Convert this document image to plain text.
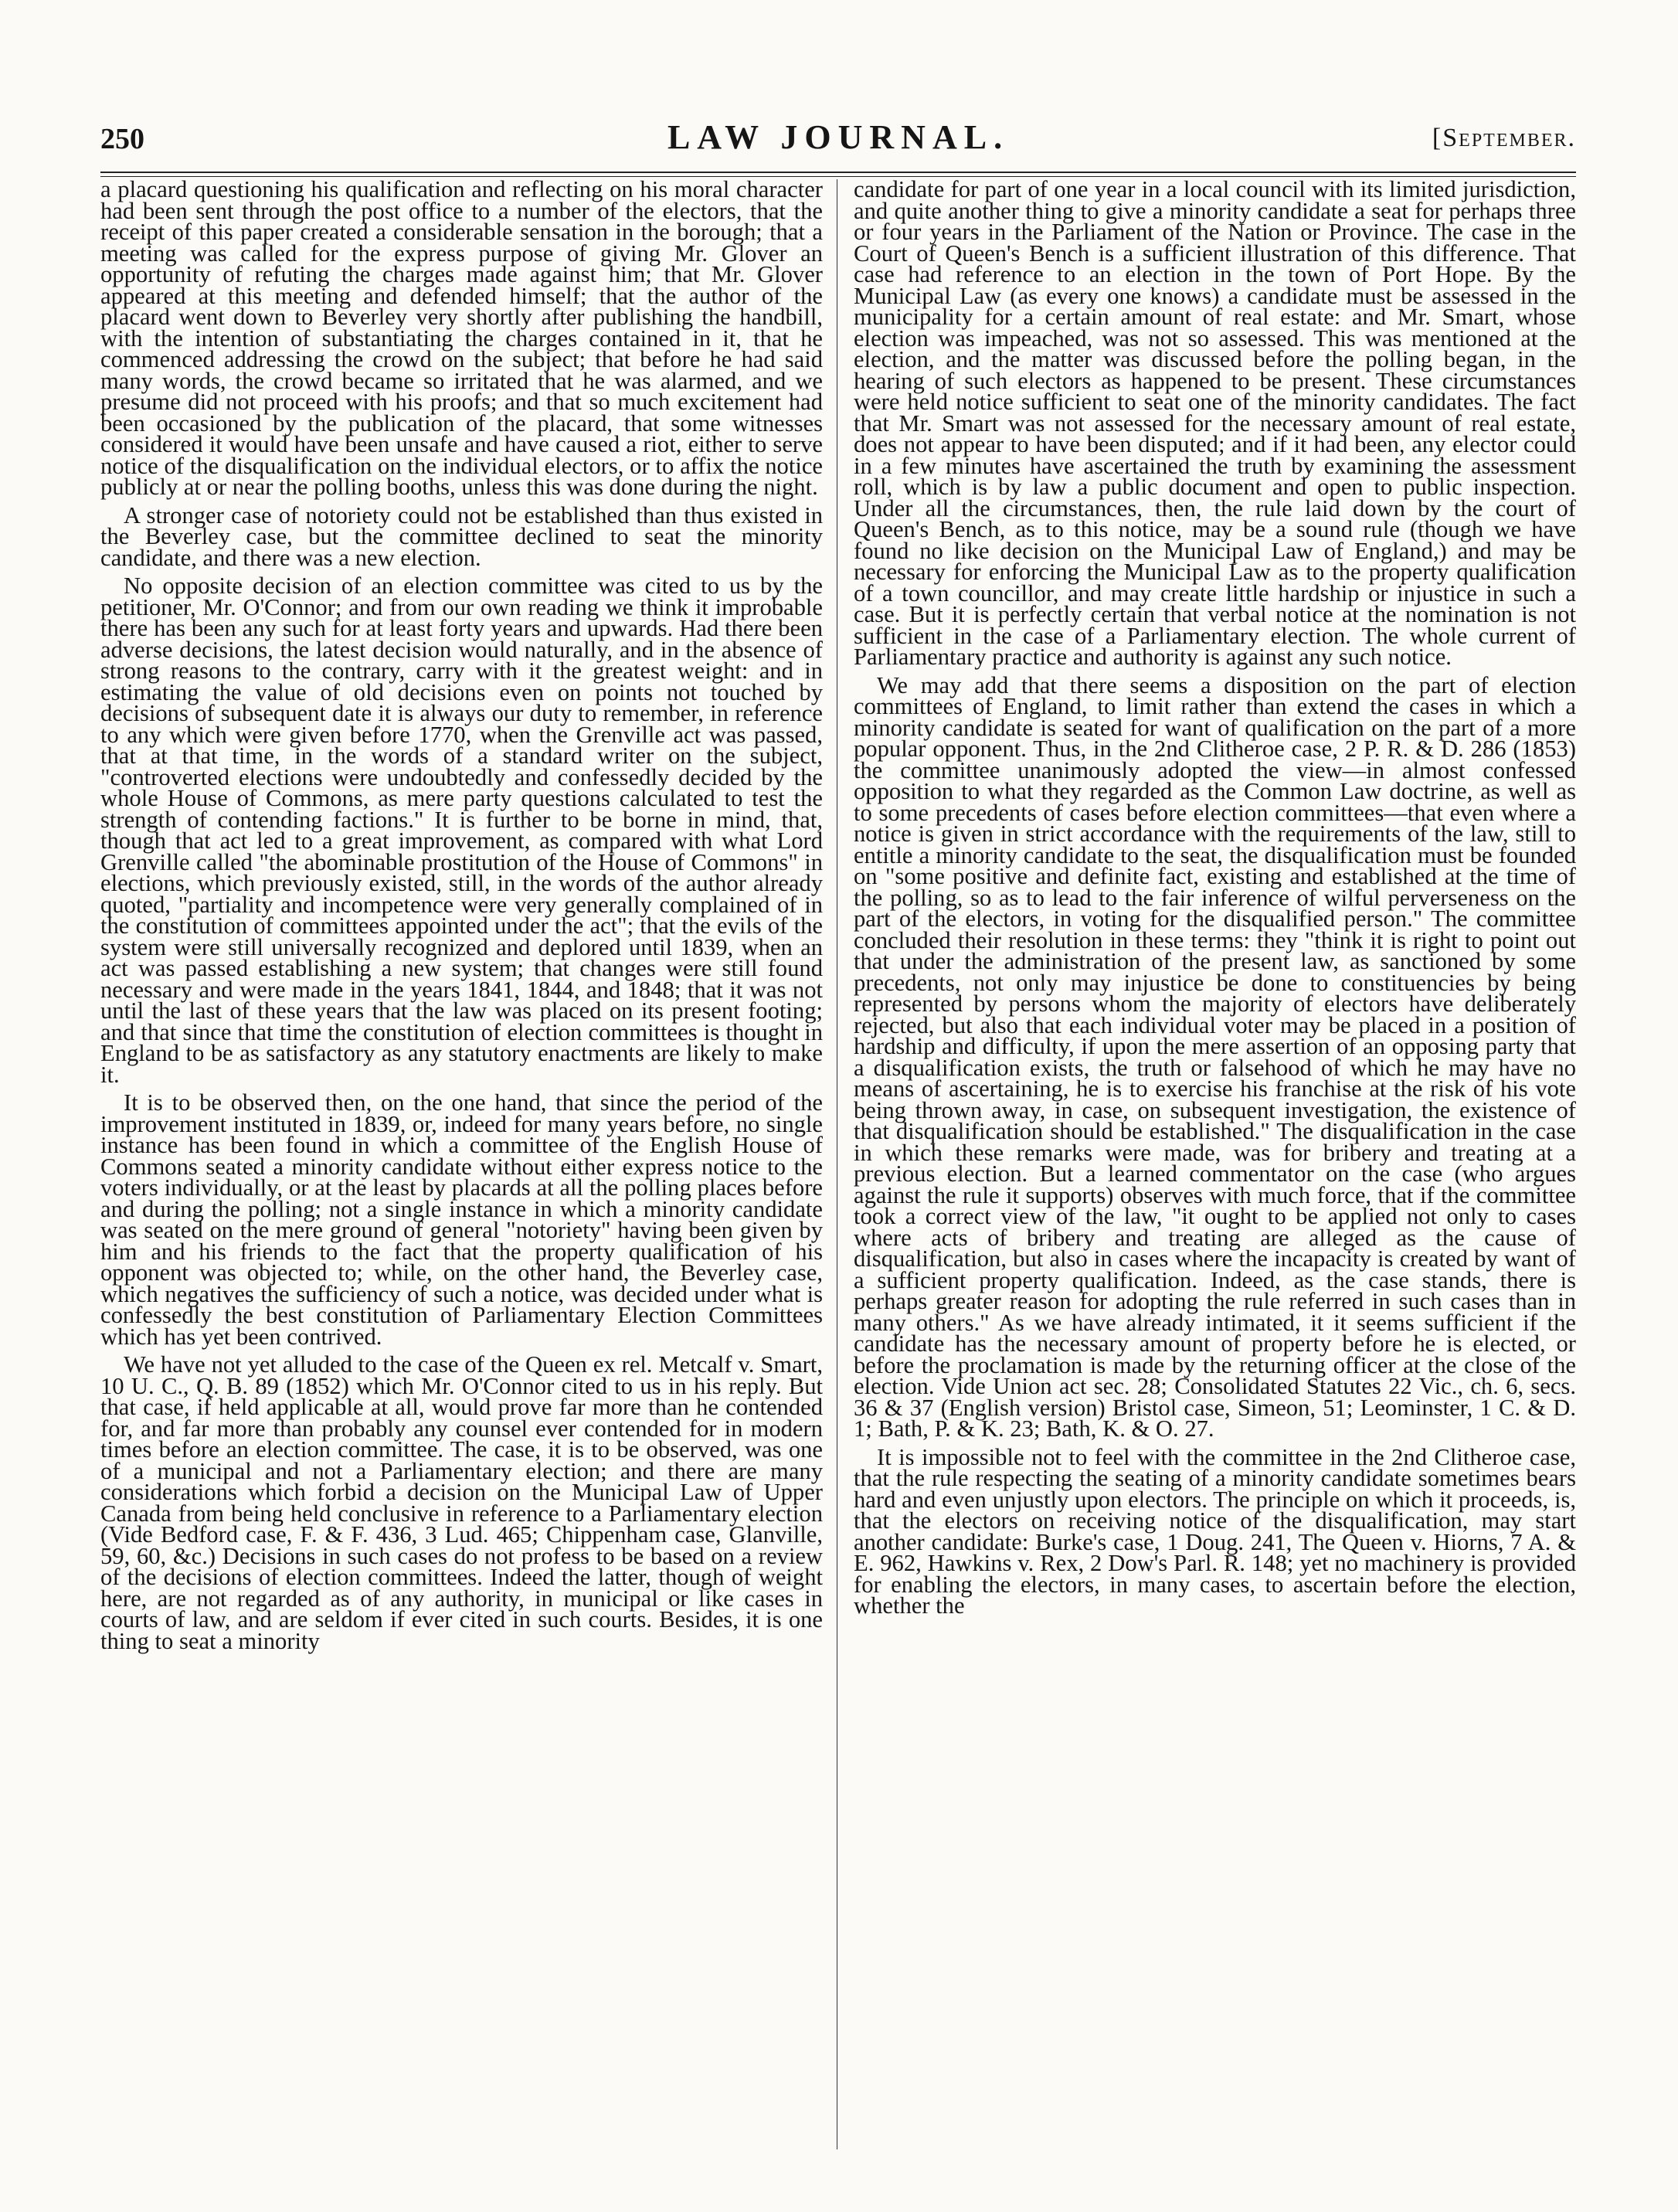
250	LAW JOURNAL.	[September.

a placard questioning his qualification and reflecting on his moral character had been sent through the post office to a number of the electors, that the receipt of this paper created a considerable sensation in the borough; that a meeting was called for the express purpose of giving Mr. Glover an opportunity of refuting the charges made against him; that Mr. Glover appeared at this meeting and defended himself; that the author of the placard went down to Beverley very shortly after publishing the handbill, with the intention of substantiating the charges contained in it, that he commenced addressing the crowd on the subject; that before he had said many words, the crowd became so irritated that he was alarmed, and we presume did not proceed with his proofs; and that so much excitement had been occasioned by the publication of the placard, that some witnesses considered it would have been unsafe and have caused a riot, either to serve notice of the disqualification on the individual electors, or to affix the notice publicly at or near the polling booths, unless this was done during the night.

A stronger case of notoriety could not be established than thus existed in the Beverley case, but the committee declined to seat the minority candidate, and there was a new election.

No opposite decision of an election committee was cited to us by the petitioner, Mr. O'Connor; and from our own reading we think it improbable there has been any such for at least forty years and upwards. Had there been adverse decisions, the latest decision would naturally, and in the absence of strong reasons to the contrary, carry with it the greatest weight: and in estimating the value of old decisions even on points not touched by decisions of subsequent date it is always our duty to remember, in reference to any which were given before 1770, when the Grenville act was passed, that at that time, in the words of a standard writer on the subject, "controverted elections were undoubtedly and confessedly decided by the whole House of Commons, as mere party questions calculated to test the strength of contending factions." It is further to be borne in mind, that, though that act led to a great improvement, as compared with what Lord Grenville called "the abominable prostitution of the House of Commons" in elections, which previously existed, still, in the words of the author already quoted, "partiality and incompetence were very generally complained of in the constitution of committees appointed under the act"; that the evils of the system were still universally recognized and deplored until 1839, when an act was passed establishing a new system; that changes were still found necessary and were made in the years 1841, 1844, and 1848; that it was not until the last of these years that the law was placed on its present footing; and that since that time the constitution of election committees is thought in England to be as satisfactory as any statutory enactments are likely to make it.

It is to be observed then, on the one hand, that since the period of the improvement instituted in 1839, or, indeed for many years before, no single instance has been found in which a committee of the English House of Commons seated a minority candidate without either express notice to the voters individually, or at the least by placards at all the polling places before and during the polling; not a single instance in which a minority candidate was seated on the mere ground of general "notoriety" having been given by him and his friends to the fact that the property qualification of his opponent was objected to; while, on the other hand, the Beverley case, which negatives the sufficiency of such a notice, was decided under what is confessedly the best constitution of Parliamentary Election Committees which has yet been contrived.

We have not yet alluded to the case of the Queen ex rel. Metcalf v. Smart, 10 U. C., Q. B. 89 (1852) which Mr. O'Connor cited to us in his reply. But that case, if held applicable at all, would prove far more than he contended for, and far more than probably any counsel ever contended for in modern times before an election committee. The case, it is to be observed, was one of a municipal and not a Parliamentary election; and there are many considerations which forbid a decision on the Municipal Law of Upper Canada from being held conclusive in reference to a Parliamentary election (Vide Bedford case, F. & F. 436, 3 Lud. 465; Chippenham case, Glanville, 59, 60, &c.) Decisions in such cases do not profess to be based on a review of the decisions of election committees. Indeed the latter, though of weight here, are not regarded as of any authority, in municipal or like cases in courts of law, and are seldom if ever cited in such courts. Besides, it is one thing to seat a minority

candidate for part of one year in a local council with its limited jurisdiction, and quite another thing to give a minority candidate a seat for perhaps three or four years in the Parliament of the Nation or Province. The case in the Court of Queen's Bench is a sufficient illustration of this difference. That case had reference to an election in the town of Port Hope. By the Municipal Law (as every one knows) a candidate must be assessed in the municipality for a certain amount of real estate: and Mr. Smart, whose election was impeached, was not so assessed. This was mentioned at the election, and the matter was discussed before the polling began, in the hearing of such electors as happened to be present. These circumstances were held notice sufficient to seat one of the minority candidates. The fact that Mr. Smart was not assessed for the necessary amount of real estate, does not appear to have been disputed; and if it had been, any elector could in a few minutes have ascertained the truth by examining the assessment roll, which is by law a public document and open to public inspection. Under all the circumstances, then, the rule laid down by the court of Queen's Bench, as to this notice, may be a sound rule (though we have found no like decision on the Municipal Law of England,) and may be necessary for enforcing the Municipal Law as to the property qualification of a town councillor, and may create little hardship or injustice in such a case. But it is perfectly certain that verbal notice at the nomination is not sufficient in the case of a Parliamentary election. The whole current of Parliamentary practice and authority is against any such notice.

We may add that there seems a disposition on the part of election committees of England, to limit rather than extend the cases in which a minority candidate is seated for want of qualification on the part of a more popular opponent. Thus, in the 2nd Clitheroe case, 2 P. R. & D. 286 (1853) the committee unanimously adopted the view—in almost confessed opposition to what they regarded as the Common Law doctrine, as well as to some precedents of cases before election committees—that even where a notice is given in strict accordance with the requirements of the law, still to entitle a minority candidate to the seat, the disqualification must be founded on "some positive and definite fact, existing and established at the time of the polling, so as to lead to the fair inference of wilful perverseness on the part of the electors, in voting for the disqualified person." The committee concluded their resolution in these terms: they "think it is right to point out that under the administration of the present law, as sanctioned by some precedents, not only may injustice be done to constituencies by being represented by persons whom the majority of electors have deliberately rejected, but also that each individual voter may be placed in a position of hardship and difficulty, if upon the mere assertion of an opposing party that a disqualification exists, the truth or falsehood of which he may have no means of ascertaining, he is to exercise his franchise at the risk of his vote being thrown away, in case, on subsequent investigation, the existence of that disqualification should be established." The disqualification in the case in which these remarks were made, was for bribery and treating at a previous election. But a learned commentator on the case (who argues against the rule it supports) observes with much force, that if the committee took a correct view of the law, "it ought to be applied not only to cases where acts of bribery and treating are alleged as the cause of disqualification, but also in cases where the incapacity is created by want of a sufficient property qualification. Indeed, as the case stands, there is perhaps greater reason for adopting the rule referred in such cases than in many others." As we have already intimated, it it seems sufficient if the candidate has the necessary amount of property before he is elected, or before the proclamation is made by the returning officer at the close of the election. Vide Union act sec. 28; Consolidated Statutes 22 Vic., ch. 6, secs. 36 & 37 (English version) Bristol case, Simeon, 51; Leominster, 1 C. & D. 1; Bath, P. & K. 23; Bath, K. & O. 27.

It is impossible not to feel with the committee in the 2nd Clitheroe case, that the rule respecting the seating of a minority candidate sometimes bears hard and even unjustly upon electors. The principle on which it proceeds, is, that the electors on receiving notice of the disqualification, may start another candidate: Burke's case, 1 Doug. 241, The Queen v. Hiorns, 7 A. & E. 962, Hawkins v. Rex, 2 Dow's Parl. R. 148; yet no machinery is provided for enabling the electors, in many cases, to ascertain before the election, whether the
